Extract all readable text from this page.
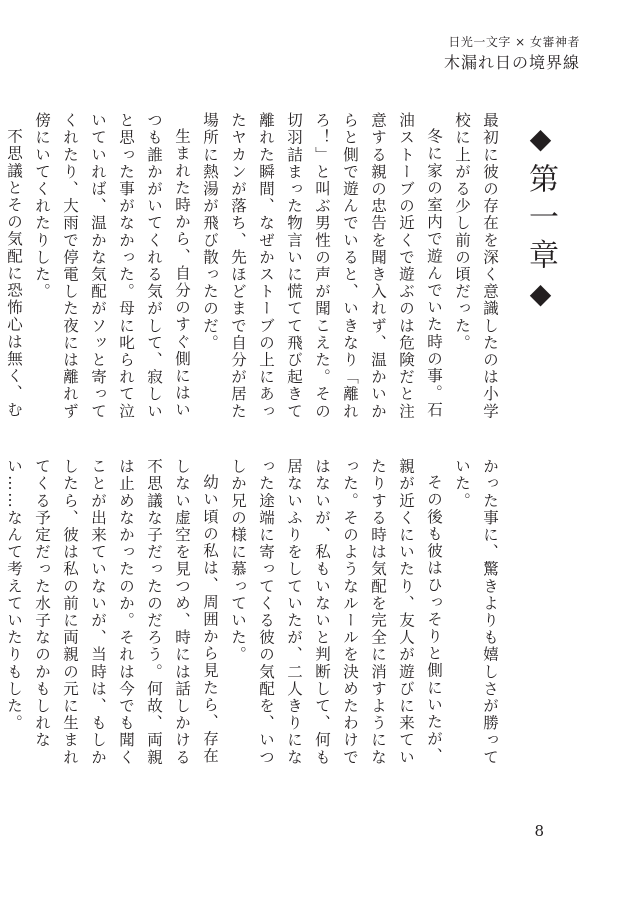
日光一文字 × 女審神者
木漏れ日の境界線
◆第一章◆

最初に彼の存在を深く意識したのは小学校に上がる少し前の頃だった。

冬に家の室内で遊んでいた時の事。石油ストーブの近くで遊ぶのは危険だと注意する親の忠告を聞き入れず、温かいからと側で遊んでいると、いきなり「離れろ！」と叫ぶ男性の声が聞こえた。その切羽詰まった物言いに慌てて飛び起きて離れた瞬間、なぜかストーブの上にあったヤカンが落ち、先ほどまで自分が居た場所に熱湯が飛び散ったのだ。

生まれた時から、自分のすぐ側にはいつも誰かがいてくれる気がして、寂しいと思った事がなかった。母に叱られて泣いていれば、温かな気配がソッと寄ってくれたり、大雨で停電した夜には離れず傍にいてくれたりした。

不思議とその気配に恐怖心は無く、む

かった事に、驚きよりも嬉しさが勝っていた。

その後も彼はひっそりと側にいたが、親が近くにいたり、友人が遊びに来ていたりする時は気配を完全に消すようになった。そのようなルールを決めたわけではないが、私もいないと判断して、何も居ないふりをしていたが、二人きりになった途端に寄ってくる彼の気配を、いつしか兄の様に慕っていた。

幼い頃の私は、周囲から見たら、存在しない虚空を見つめ、時には話しかける不思議な子だったのだろう。何故、両親は止めなかったのか。それは今でも聞くことが出来ていないが、当時は、もしかしたら、彼は私の前に両親の元に生まれてくる予定だった水子なのかもしれない……なんて考えていたりもした。

8
